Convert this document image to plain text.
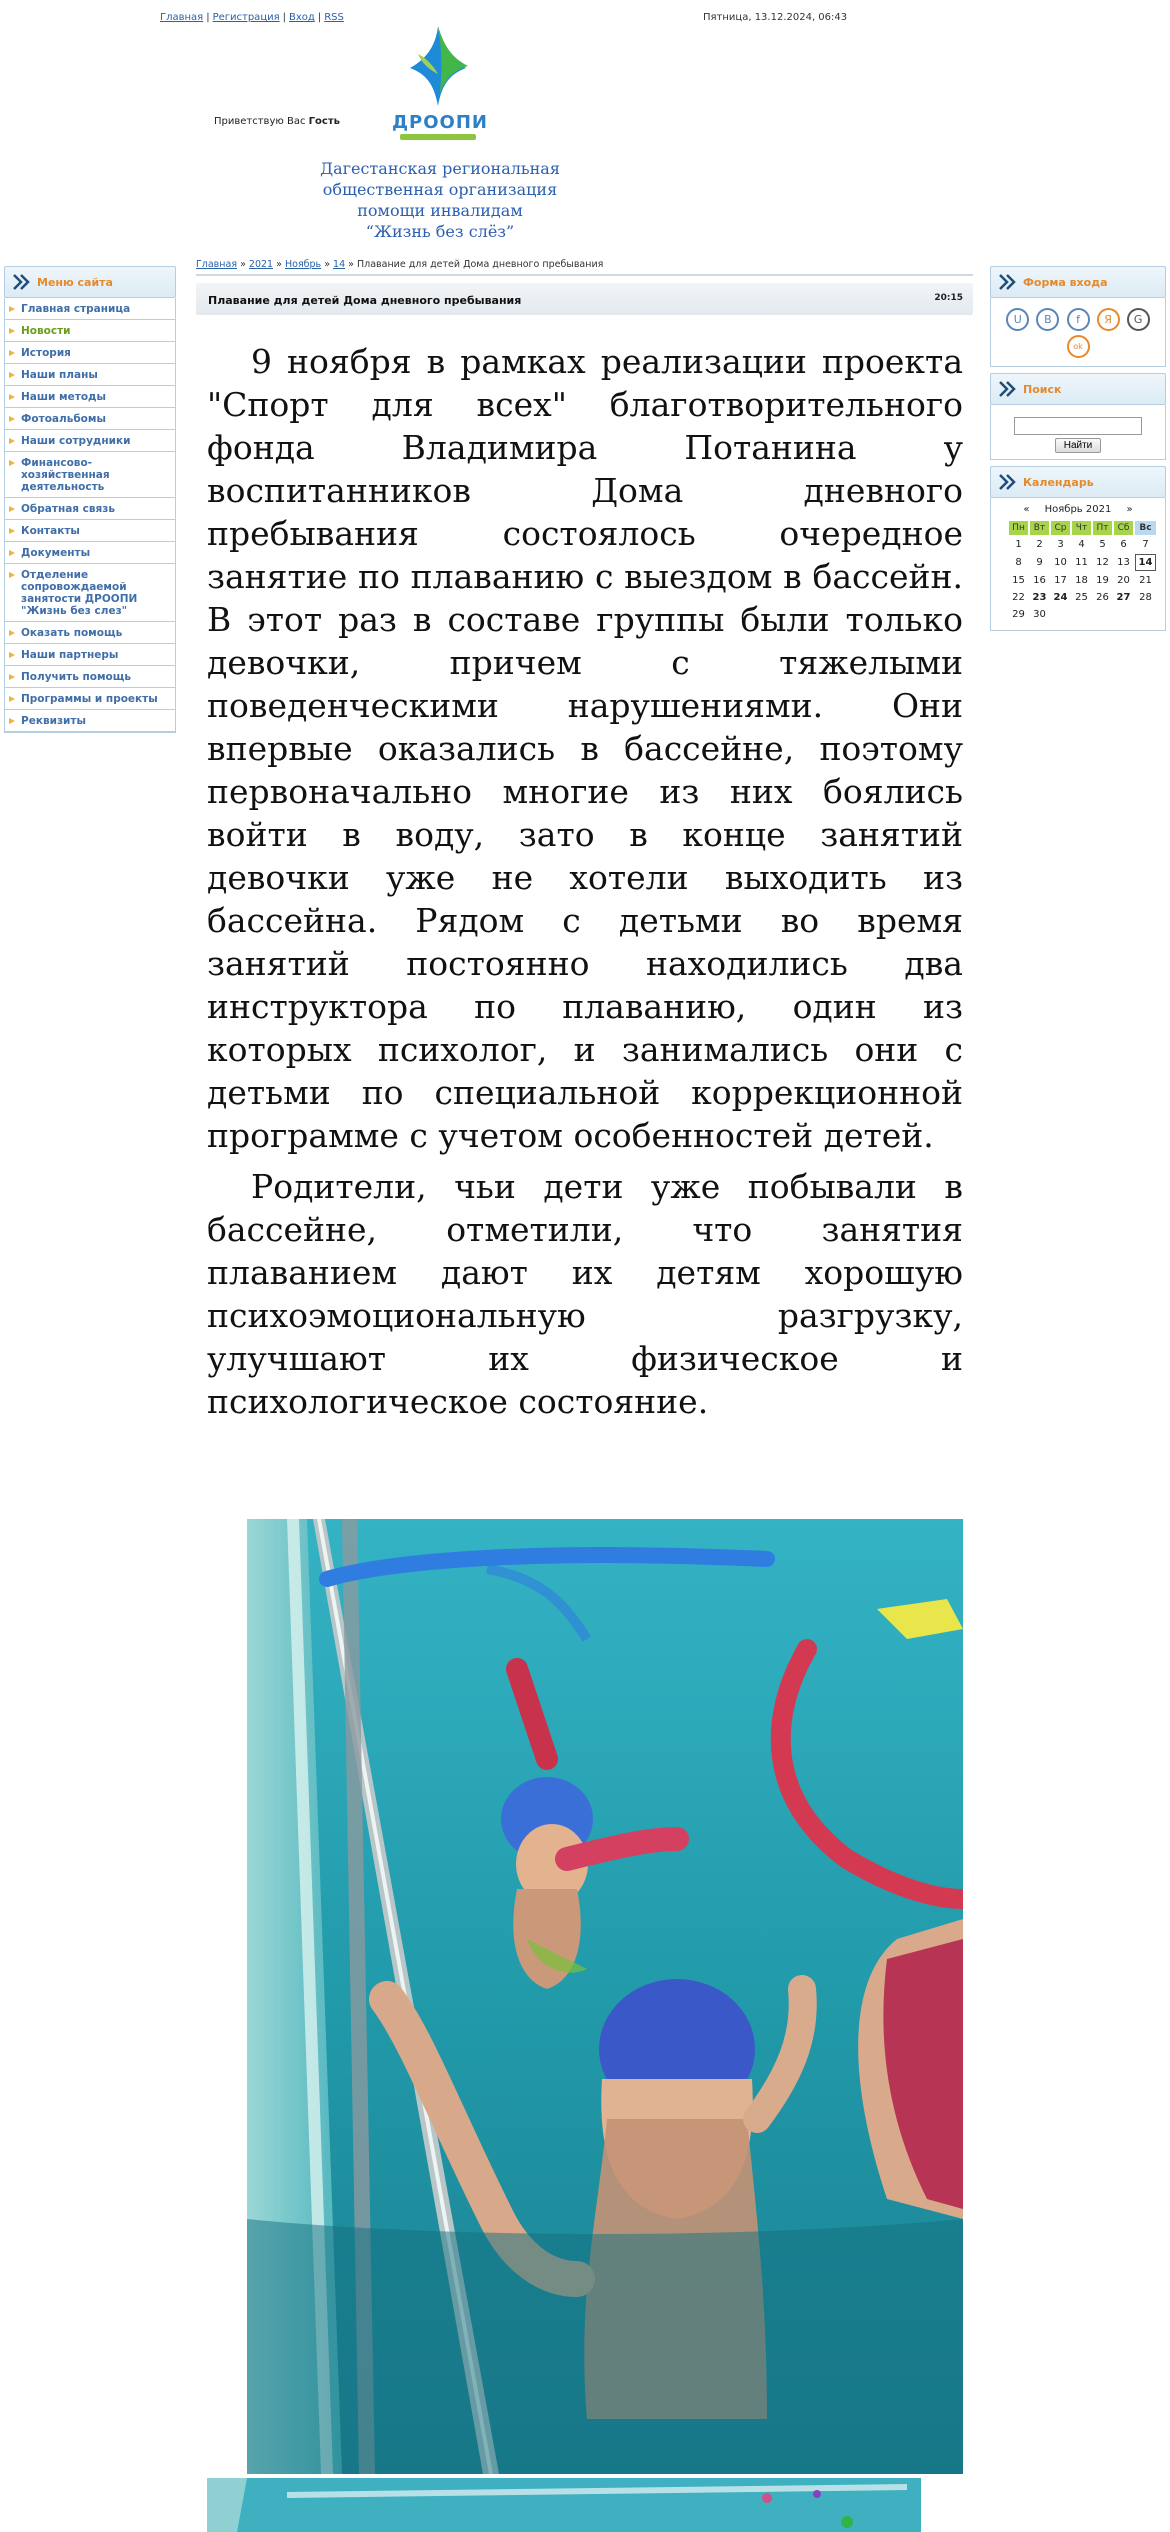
Главная | Регистрация | Вход | RSS	Пятница, 13.12.2024, 06:43
Приветствую Вас Гость	ДРООПИ
Дагестанская региональная
общественная организация
помощи инвалидам
“Жизнь без слёз”
Меню сайта
Главная страница
Новости
История
Наши планы
Наши методы
Фотоальбомы
Наши сотрудники
Финансово-хозяйственная деятельность
Обратная связь
Контакты
Документы
Отделение сопровождаемой занятости ДРООПИ "Жизнь без слез"
Оказать помощь
Наши партнеры
Получить помощь
Программы и проекты
Реквизиты
Главная » 2021 » Ноябрь » 14 » Плавание для детей Дома дневного пребывания
Плавание для детей Дома дневного пребывания	20:15

9 ноября в рамках реализации проекта "Спорт для всех" благотворительного фонда Владимира Потанина у воспитанников Дома дневного пребывания состоялось очередное занятие по плаванию с выездом в бассейн. В этот раз в составе группы были только девочки, причем с тяжелыми поведенческими нарушениями. Они впервые оказались в бассейне, поэтому первоначально многие из них боялись войти в воду, зато в конце занятий девочки уже не хотели выходить из бассейна. Рядом с детьми во время занятий постоянно находились два инструктора по плаванию, один из которых психолог, и занимались они с детьми по специальной коррекционной программе с учетом особенностей детей.

Родители, чьи дети уже побывали в бассейне, отметили, что занятия плаванием дают их детям хорошую психоэмоциональную разгрузку, улучшают их физическое и психологическое состояние.

Форма входа
U B f Я G
ok
Поиск
Найти
Календарь
« Ноябрь 2021 »
Пн	Вт	Ср	Чт	Пт	Сб	Вс
1	2	3	4	5	6	7
8	9	10	11	12	13	14
15	16	17	18	19	20	21
22	23	24	25	26	27	28
29	30					
